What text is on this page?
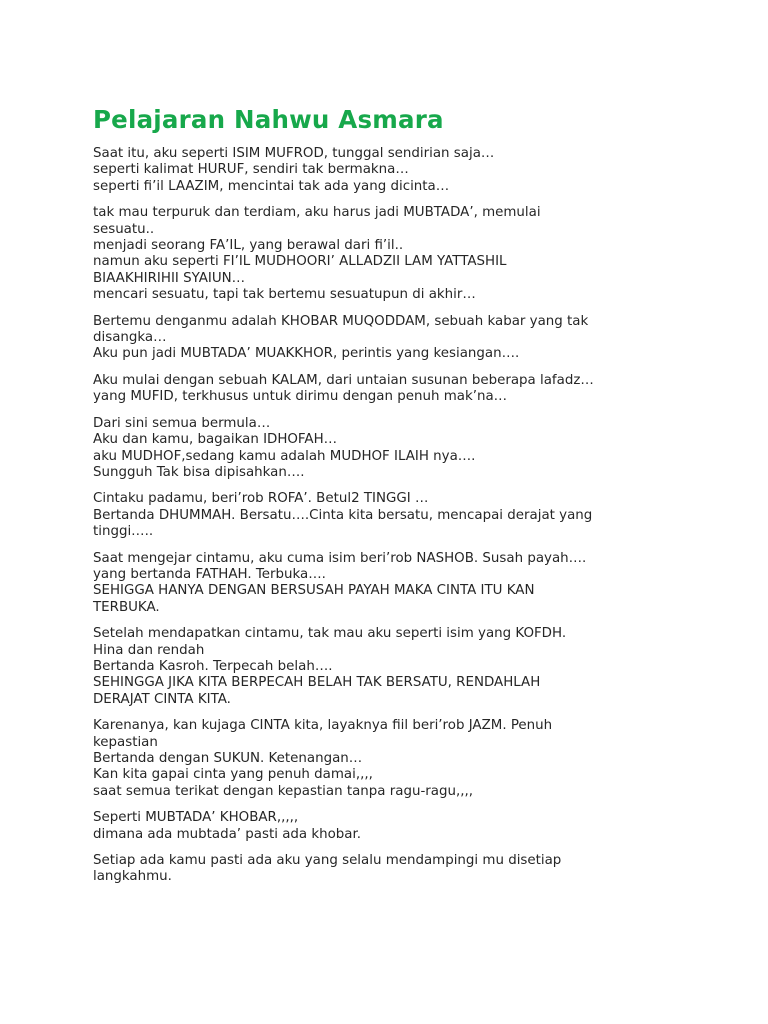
Pelajaran Nahwu Asmara
Saat itu, aku seperti ISIM MUFROD, tunggal sendirian saja…
seperti kalimat HURUF, sendiri tak bermakna…
seperti fi’il LAAZIM, mencintai tak ada yang dicinta…
tak mau terpuruk dan terdiam, aku harus jadi MUBTADA’, memulai
sesuatu..
menjadi seorang FA’IL, yang berawal dari fi’il..
namun aku seperti FI’IL MUDHOORI’ ALLADZII LAM YATTASHIL
BIAAKHIRIHII SYAIUN…
mencari sesuatu, tapi tak bertemu sesuatupun di akhir…
Bertemu denganmu adalah KHOBAR MUQODDAM, sebuah kabar yang tak
disangka…
Aku pun jadi MUBTADA’ MUAKKHOR, perintis yang kesiangan….
Aku mulai dengan sebuah KALAM, dari untaian susunan beberapa lafadz…
yang MUFID, terkhusus untuk dirimu dengan penuh mak’na…
Dari sini semua bermula…
Aku dan kamu, bagaikan IDHOFAH…
aku MUDHOF,sedang kamu adalah MUDHOF ILAIH nya….
Sungguh Tak bisa dipisahkan….
Cintaku padamu, beri’rob ROFA’. Betul2 TINGGI …
Bertanda DHUMMAH. Bersatu….Cinta kita bersatu, mencapai derajat yang
tinggi…..
Saat mengejar cintamu, aku cuma isim beri’rob NASHOB. Susah payah….
yang bertanda FATHAH. Terbuka….
SEHIGGA HANYA DENGAN BERSUSAH PAYAH MAKA CINTA ITU KAN
TERBUKA.
Setelah mendapatkan cintamu, tak mau aku seperti isim yang KOFDH.
Hina dan rendah
Bertanda Kasroh. Terpecah belah….
SEHINGGA JIKA KITA BERPECAH BELAH TAK BERSATU, RENDAHLAH
DERAJAT CINTA KITA.
Karenanya, kan kujaga CINTA kita, layaknya fiil beri’rob JAZM. Penuh
kepastian
Bertanda dengan SUKUN. Ketenangan…
Kan kita gapai cinta yang penuh damai,,,,
saat semua terikat dengan kepastian tanpa ragu-ragu,,,,
Seperti MUBTADA’ KHOBAR,,,,,
dimana ada mubtada’ pasti ada khobar.
Setiap ada kamu pasti ada aku yang selalu mendampingi mu disetiap
langkahmu.
